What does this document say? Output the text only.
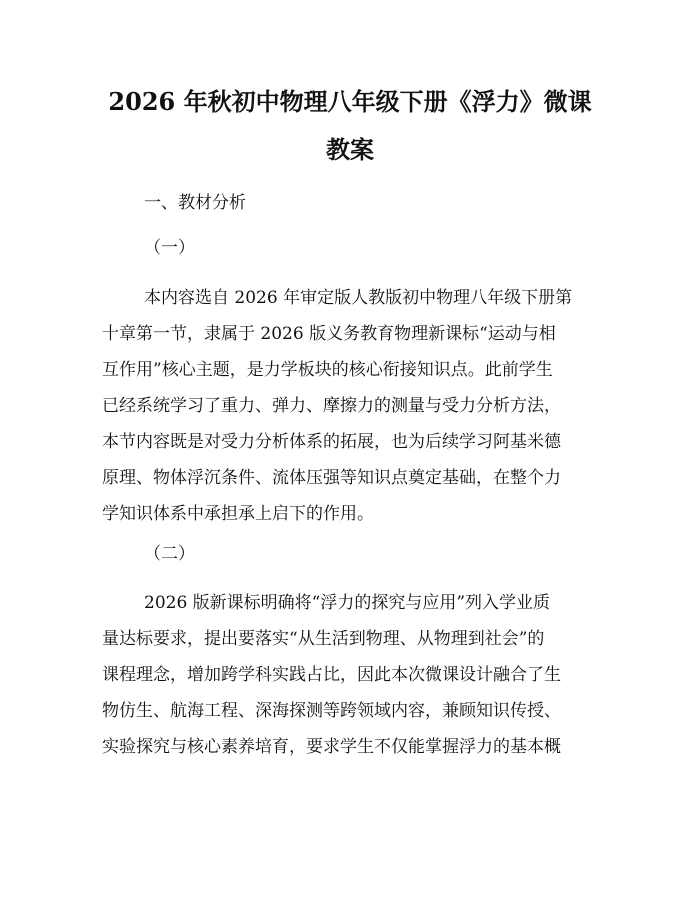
2026 年秋初中物理八年级下册《浮力》微课
教案

一、教材分析

（一）

本内容选自 2026 年审定版人教版初中物理八年级下册第
十章第一节，隶属于 2026 版义务教育物理新课标“运动与相
互作用”核心主题，是力学板块的核心衔接知识点。此前学生
已经系统学习了重力、弹力、摩擦力的测量与受力分析方法，
本节内容既是对受力分析体系的拓展，也为后续学习阿基米德
原理、物体浮沉条件、流体压强等知识点奠定基础，在整个力
学知识体系中承担承上启下的作用。

（二）

2026 版新课标明确将“浮力的探究与应用”列入学业质
量达标要求，提出要落实“从生活到物理、从物理到社会”的
课程理念，增加跨学科实践占比，因此本次微课设计融合了生
物仿生、航海工程、深海探测等跨领域内容，兼顾知识传授、
实验探究与核心素养培育，要求学生不仅能掌握浮力的基本概
